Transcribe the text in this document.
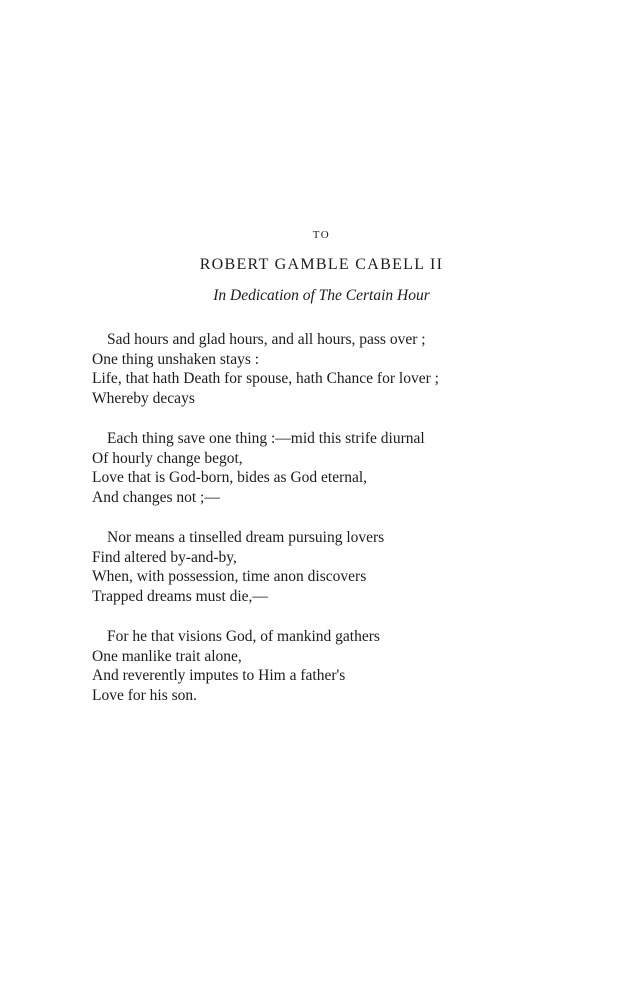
TO
ROBERT GAMBLE CABELL II
In Dedication of The Certain Hour
Sad hours and glad hours, and all hours, pass over ;
One thing unshaken stays :
Life, that hath Death for spouse, hath Chance for lover ;
Whereby decays
Each thing save one thing :—mid this strife diurnal
Of hourly change begot,
Love that is God-born, bides as God eternal,
And changes not ;—
Nor means a tinselled dream pursuing lovers
Find altered by-and-by,
When, with possession, time anon discovers
Trapped dreams must die,—
For he that visions God, of mankind gathers
One manlike trait alone,
And reverently imputes to Him a father's
Love for his son.
